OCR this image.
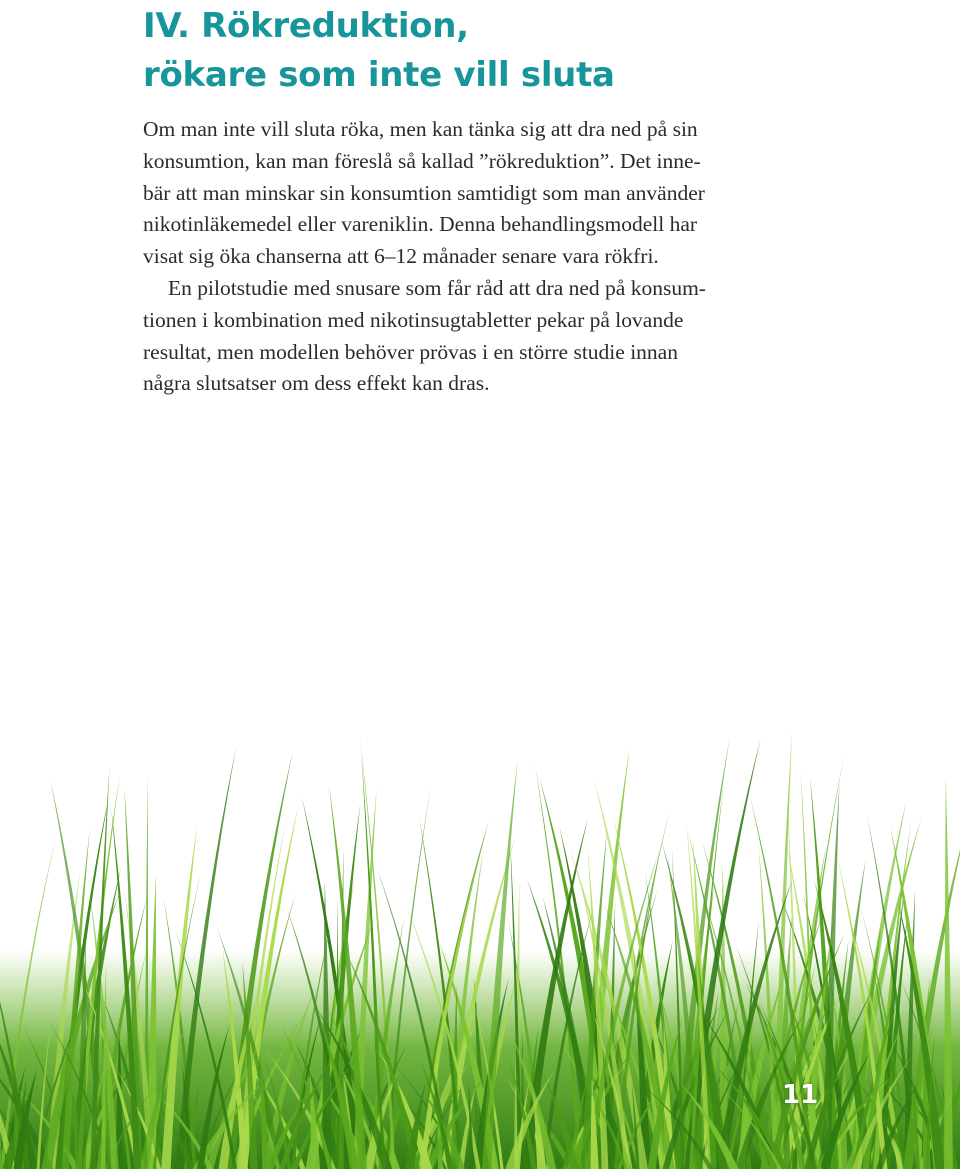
IV. Rökreduktion,
rökare som inte vill sluta

Om man inte vill sluta röka, men kan tänka sig att dra ned på sin
konsumtion, kan man föreslå så kallad ”rökreduktion”. Det inne-
bär att man minskar sin konsumtion samtidigt som man använder
nikotinläkemedel eller vareniklin. Denna behandlingsmodell har
visat sig öka chanserna att 6–12 månader senare vara rökfri.

En pilotstudie med snusare som får råd att dra ned på konsum-
tionen i kombination med nikotinsugtabletter pekar på lovande
resultat, men modellen behöver prövas i en större studie innan
några slutsatser om dess effekt kan dras.

11
